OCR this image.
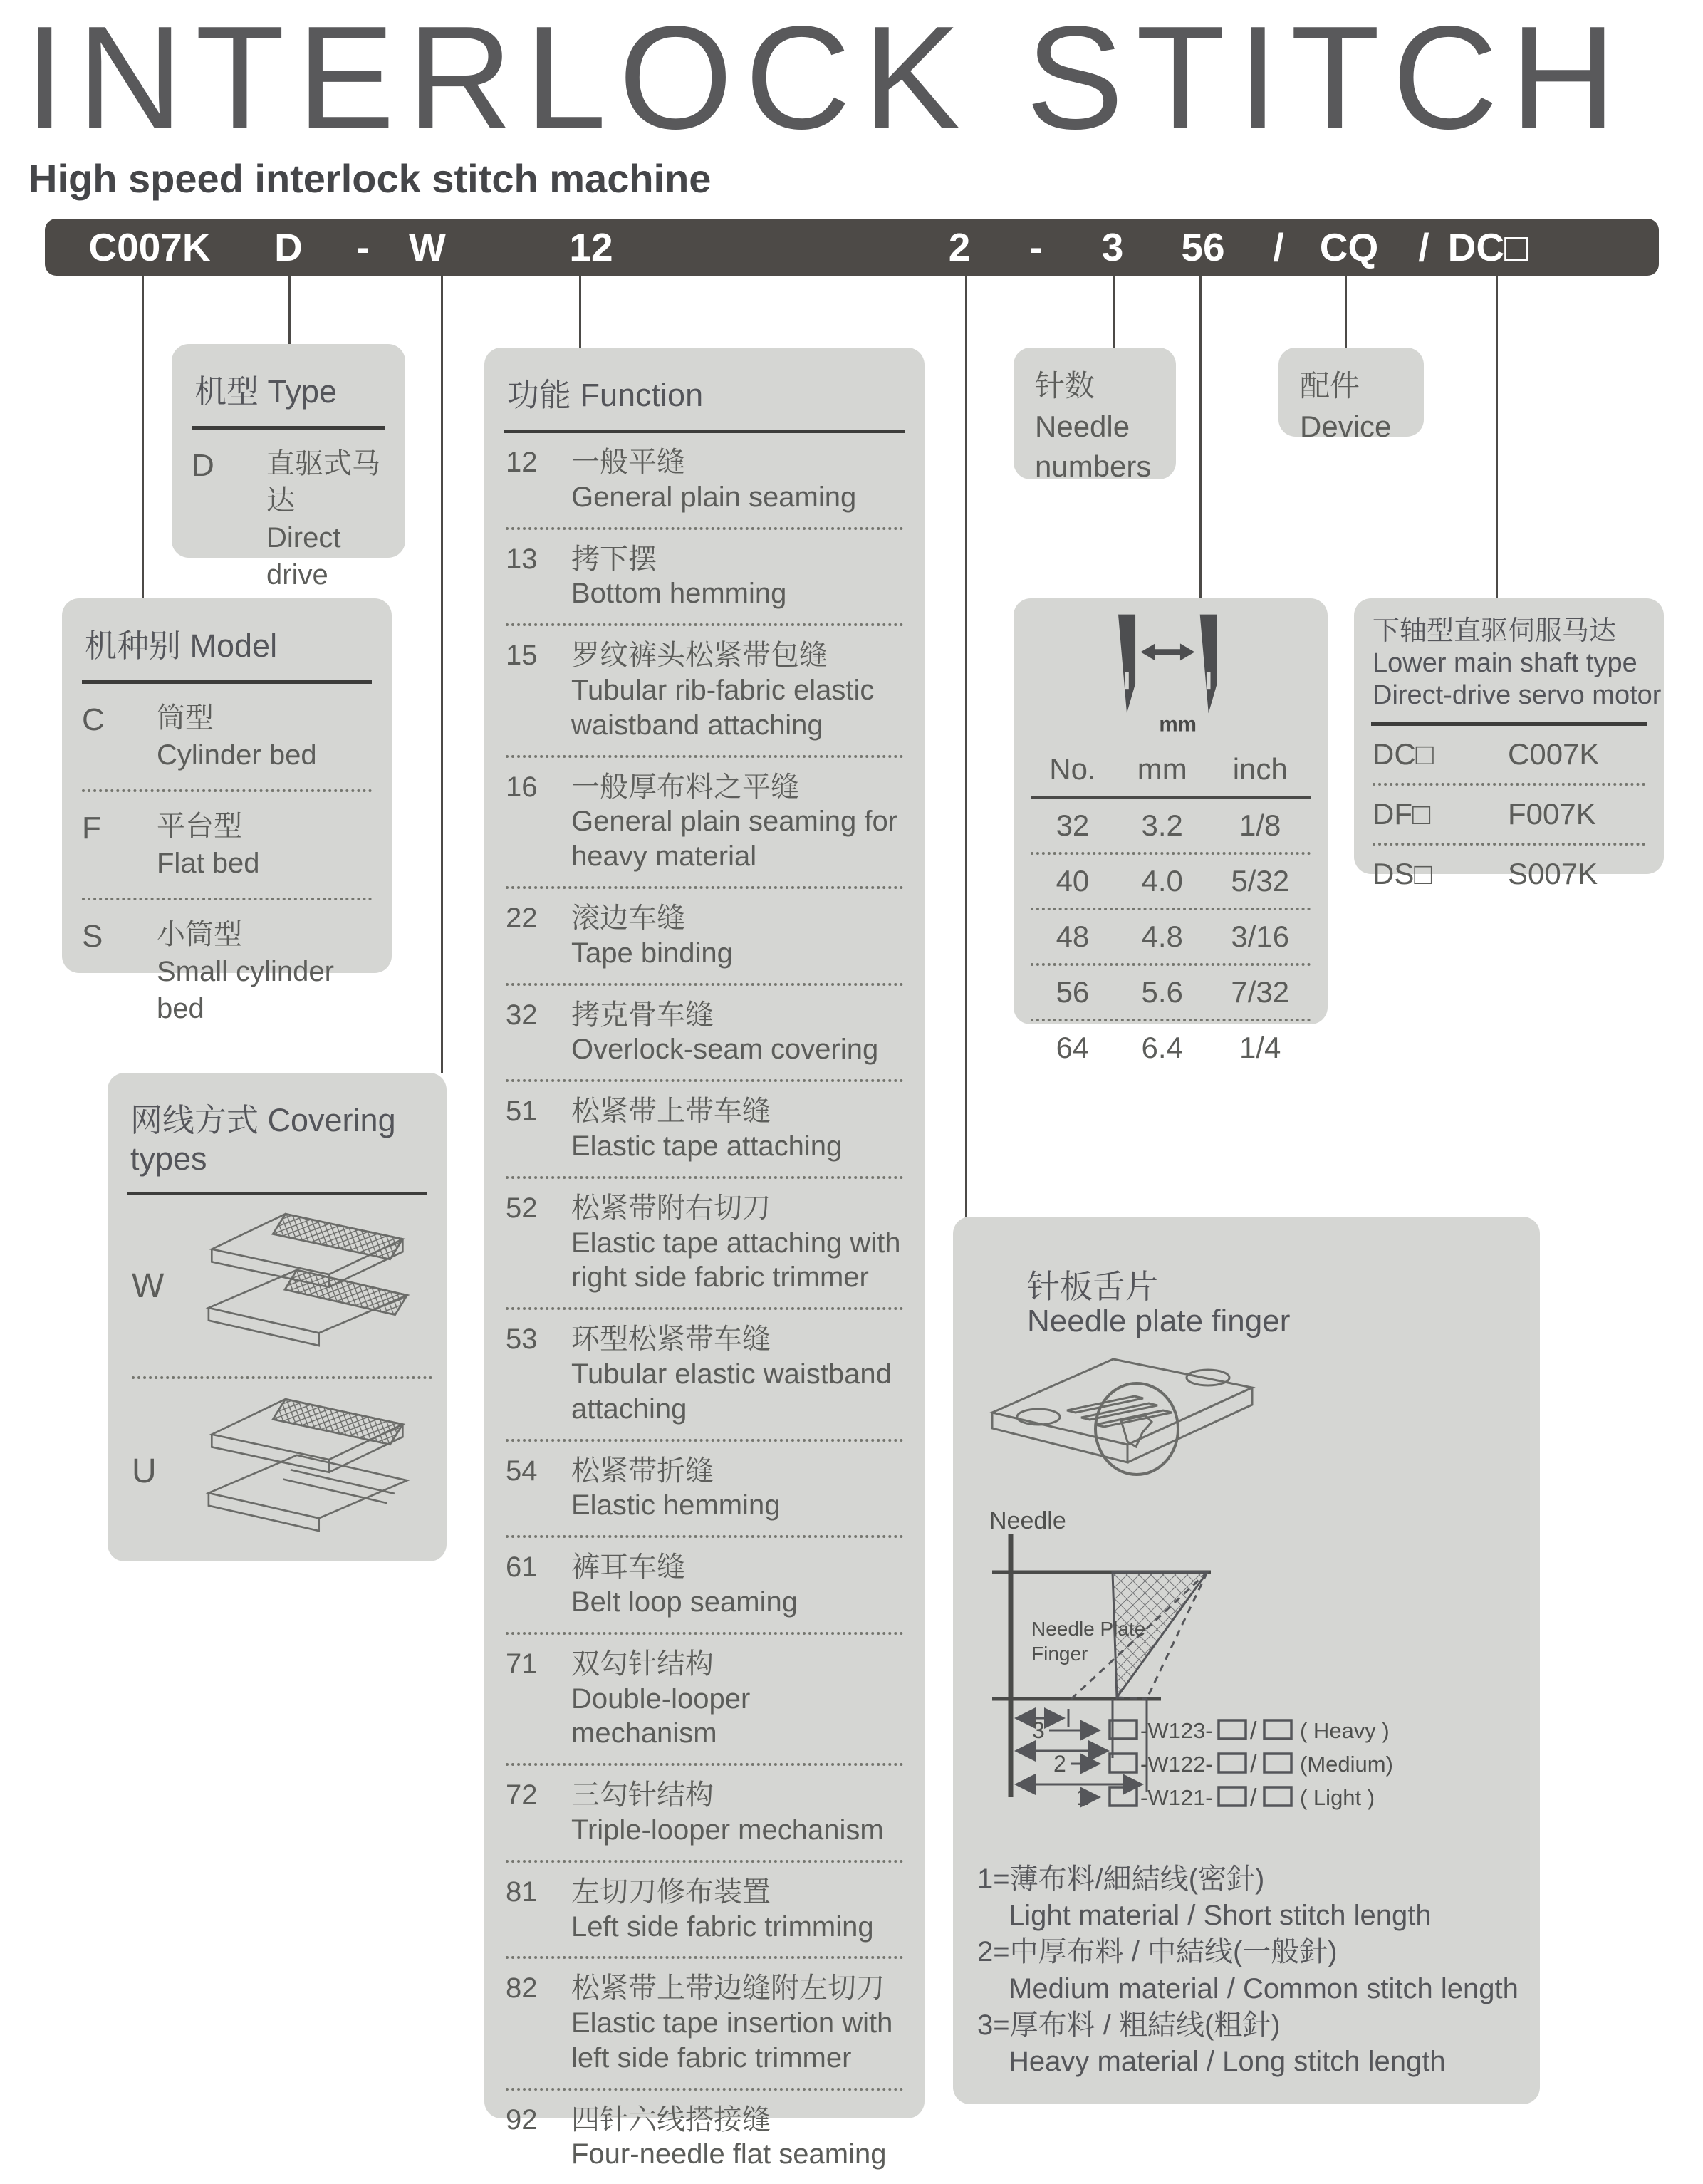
INTERLOCK STITCH
High speed interlock stitch machine
C007K D - W	12	2 - 3 56 / CQ / DC□
机型 Type
D	直驱式马达
Direct drive
机种别 Model
C	筒型
Cylinder bed
F	平台型
Flat bed
S	小筒型
Small cylinder bed
网线方式 Covering types
W
U
功能 Function
12	一般平缝
General plain seaming
13	拷下摆
Bottom hemming
15	罗纹裤头松紧带包缝
Tubular rib-fabric elastic waistband attaching
16	一般厚布料之平缝
General plain seaming for heavy material
22	滚边车缝
Tape binding
32	拷克骨车缝
Overlock-seam covering
51	松紧带上带车缝
Elastic tape attaching
52	松紧带附右切刀
Elastic tape attaching with right side fabric trimmer
53	环型松紧带车缝
Tubular elastic waistband attaching
54	松紧带折缝
Elastic hemming
61	裤耳车缝
Belt loop seaming
71	双勾针结构
Double-looper mechanism
72	三勾针结构
Triple-looper mechanism
81	左切刀修布装置
Left side fabric trimming
82	松紧带上带边缝附左切刀
Elastic tape insertion with left side fabric trimmer
92	四针六线搭接缝
Four-needle flat seaming
针数
Needle
numbers
配件
Device
mm
No.	mm	inch
32	3.2	1/8
40	4.0	5/32
48	4.8	3/16
56	5.6	7/32
64	6.4	1/4
下轴型直驱伺服马达
Lower main shaft type
Direct-drive servo motor
DC□	C007K
DF□	F007K
DS□	S007K
针板舌片
Needle plate finger
Needle
Needle Plate
Finger
3	-W123- / ( Heavy )
2	-W122- / (Medium)
1 -W121- / ( Light )
1=薄布料/細結线(密針)
Light material / Short stitch length
2=中厚布料 / 中結线(一般針)
Medium material / Common stitch length
3=厚布料 / 粗結线(粗針)
Heavy material / Long stitch length
